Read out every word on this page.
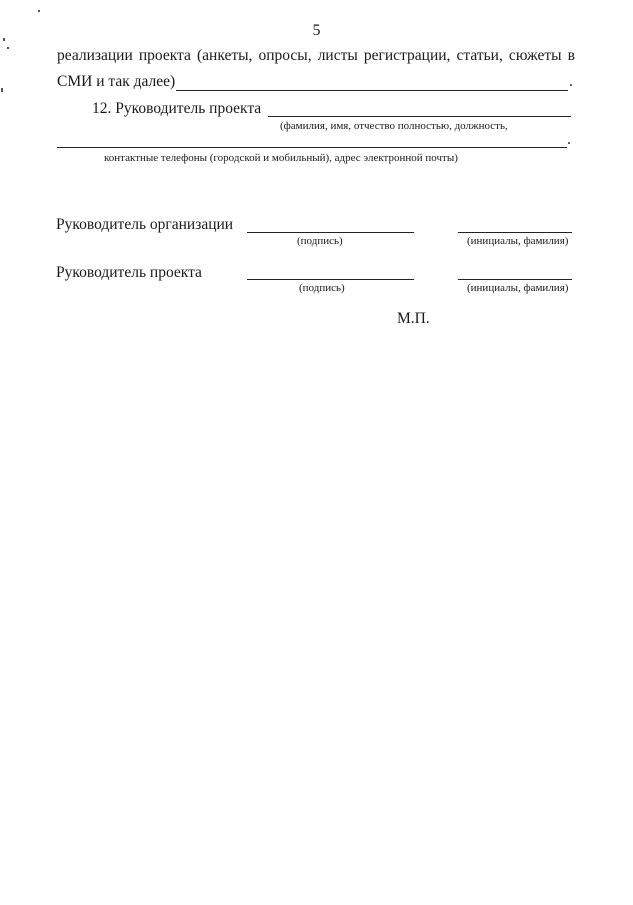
5
реализации проекта (анкеты, опросы, листы регистрации, статьи, сюжеты в
СМИ и так далее)	.
12. Руководитель проекта
(фамилия, имя, отчество полностью, должность,
.
контактные телефоны (городской и мобильный), адрес электронной почты)
Руководитель организации
(подпись)	(инициалы, фамилия)
Руководитель проекта
(подпись)	(инициалы, фамилия)
М.П.
